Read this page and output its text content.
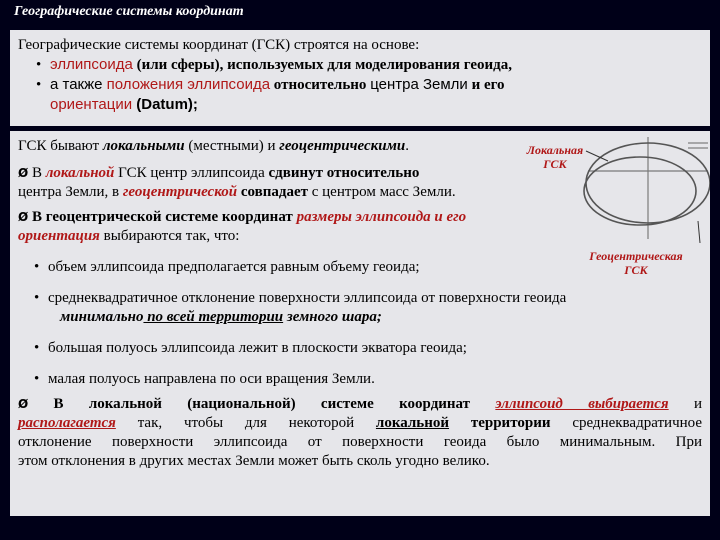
Географические системы координат
Географические системы координат (ГСК) строятся на основе:
• эллипсоида (или сферы), используемых для моделирования геоида,
• а также положения эллипсоида относительно центра Земли и его
ориентации (Datum);
Локальная
ГСК
Геоцентрическая
ГСК
ГСК бывают локальными (местными) и геоцентрическими.
Ø В локальной ГСК центр эллипсоида сдвинут относительно
центра Земли, в геоцентрической совпадает с центром масс Земли.
Ø В геоцентрической системе координат размеры эллипсоида и его
ориентация выбираются так, что:
• объем эллипсоида предполагается равным объему геоида;
• среднеквадратичное отклонение поверхности эллипсоида от поверхности геоида
минимально по всей территории земного шара;
• большая полуось эллипсоида лежит в плоскости экватора геоида;
• малая полуось направлена по оси вращения Земли.
Ø В локальной (национальной) системе координат эллипсоид выбирается и
располагается так, чтобы для некоторой локальной территории среднеквадратичное
отклонение поверхности эллипсоида от поверхности геоида было минимальным. При
этом отклонения в других местах Земли может быть сколь угодно велико.
